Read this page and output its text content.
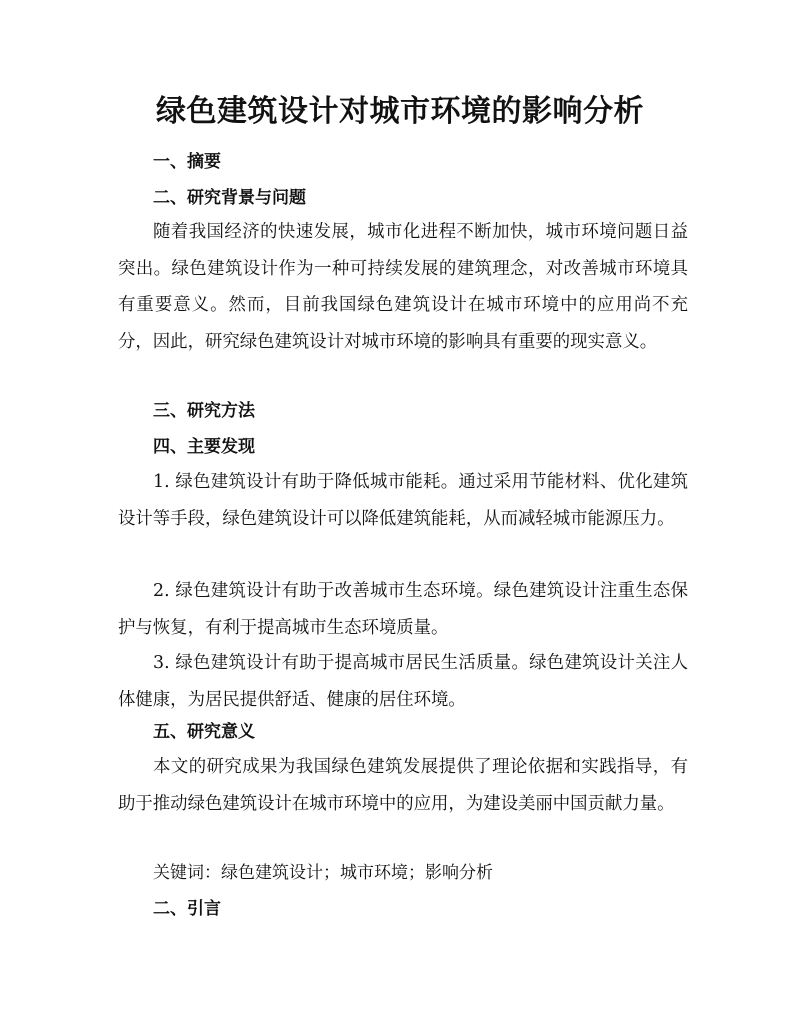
绿色建筑设计对城市环境的影响分析
一、摘要
二、研究背景与问题

随着我国经济的快速发展，城市化进程不断加快，城市环境问题日益突出。绿色建筑设计作为一种可持续发展的建筑理念，对改善城市环境具有重要意义。然而，目前我国绿色建筑设计在城市环境中的应用尚不充分，因此，研究绿色建筑设计对城市环境的影响具有重要的现实意义。

三、研究方法
四、主要发现

1. 绿色建筑设计有助于降低城市能耗。通过采用节能材料、优化建筑设计等手段，绿色建筑设计可以降低建筑能耗，从而减轻城市能源压力。

2. 绿色建筑设计有助于改善城市生态环境。绿色建筑设计注重生态保护与恢复，有利于提高城市生态环境质量。

3. 绿色建筑设计有助于提高城市居民生活质量。绿色建筑设计关注人体健康，为居民提供舒适、健康的居住环境。

五、研究意义

本文的研究成果为我国绿色建筑发展提供了理论依据和实践指导，有助于推动绿色建筑设计在城市环境中的应用，为建设美丽中国贡献力量。

关键词：绿色建筑设计；城市环境；影响分析
二、引言
